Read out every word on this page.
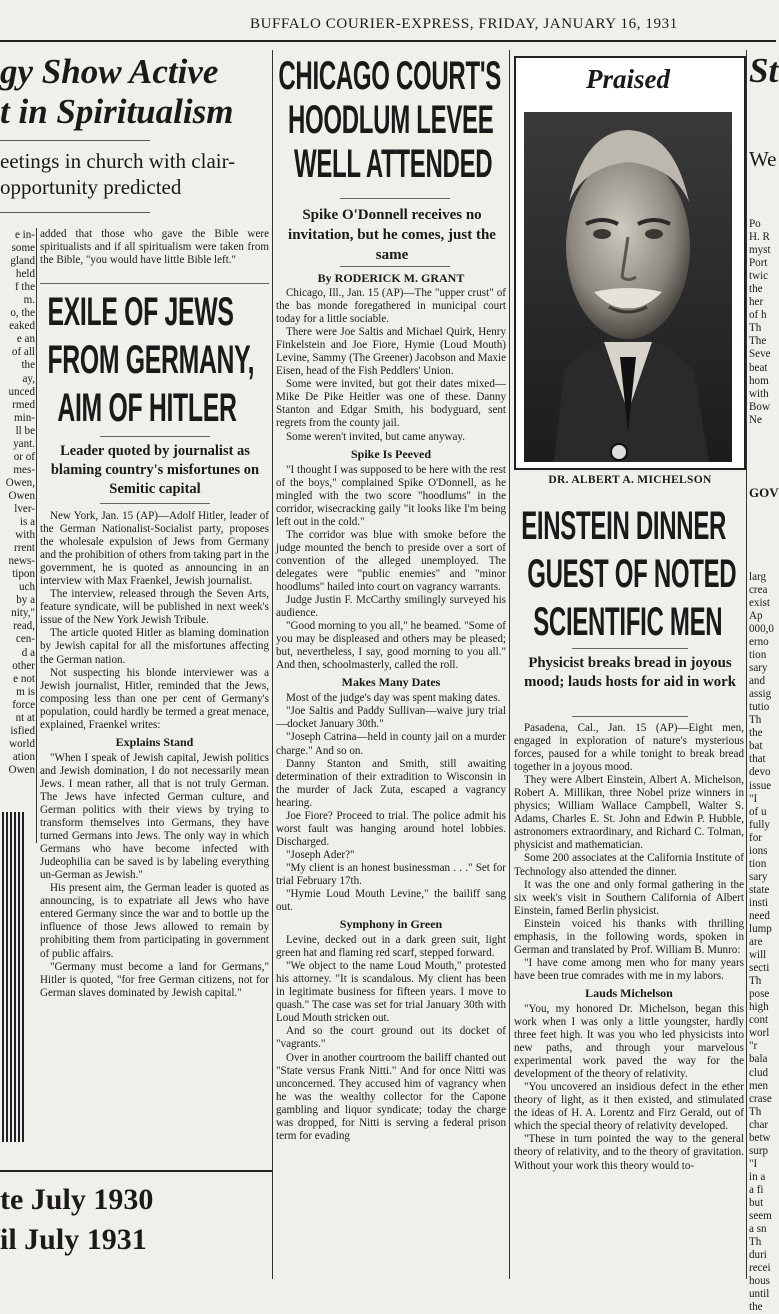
BUFFALO COURIER-EXPRESS, FRIDAY, JANUARY 16, 1931
gy Show Active
t in Spiritualism
eetings in church with clair-
opportunity predicted
e in-
some
gland
held
f the
m.
o, the
eaked
e an
of all
the
ay,
unced
rmed
min-
ll be
yant.
or of
mes-
Owen,
Owen
lver-
is a
with
rrent
news-
tipon
uch
by a
nity,"
read,
cen-
d a
other
e not
m is
force
nt at
isfied
world
ation
Owen

added that those who gave the Bible were spiritualists and if all spiritualism were taken from the Bible, "you would have little Bible left."

EXILE OF JEWS
FROM GERMANY,
AIM OF HITLER
Leader quoted by journalist as blaming country's misfortunes on Semitic capital

New York, Jan. 15 (AP)—Adolf Hitler, leader of the German Nationalist-Socialist party, proposes the wholesale expulsion of Jews from Germany and the prohibition of others from taking part in the government, he is quoted as announcing in an interview with Max Fraenkel, Jewish journalist.

The interview, released through the Seven Arts, feature syndicate, will be published in next week's issue of the New York Jewish Tribule.

The article quoted Hitler as blaming domination by Jewish capital for all the misfortunes affecting the German nation.

Not suspecting his blonde interviewer was a Jewish journalist, Hitler, reminded that the Jews, composing less than one per cent of Germany's population, could hardly be termed a great menace, explained, Fraenkel writes:

Explains Stand

"When I speak of Jewish capital, Jewish politics and Jewish domination, I do not necessarily mean Jews. I mean rather, all that is not truly German. The Jews have infected German culture, and German politics with their views by trying to transform themselves into Germans, they have turned Germans into Jews. The only way in which Germans who have become infected with Judeophilia can be saved is by labeling everything un-German as Jewish."

His present aim, the German leader is quoted as announcing, is to expatriate all Jews who have entered Germany since the war and to bottle up the influence of those Jews allowed to remain by prohibiting them from participating in government of public affairs.

"Germany must become a land for Germans," Hitler is quoted, "for free German citizens, not for German slaves dominated by Jewish capital."

te July 1930
il July 1931
CHICAGO COURT'S
HOODLUM LEVEE
WELL ATTENDED
Spike O'Donnell receives no invitation, but he comes, just the same
By RODERICK M. GRANT

Chicago, Ill., Jan. 15 (AP)—The "upper crust" of the bas monde foregathered in municipal court today for a little sociable.

There were Joe Saltis and Michael Quirk, Henry Finkelstein and Joe Fiore, Hymie (Loud Mouth) Levine, Sammy (The Greener) Jacobson and Maxie Eisen, head of the Fish Peddlers' Union.

Some were invited, but got their dates mixed—Mike De Pike Heitler was one of these. Danny Stanton and Edgar Smith, his bodyguard, sent regrets from the county jail.

Some weren't invited, but came anyway.

Spike Is Peeved

"I thought I was supposed to be here with the rest of the boys," complained Spike O'Donnell, as he mingled with the two score "hoodlums" in the corridor, wisecracking gaily "it looks like I'm being left out in the cold."

The corridor was blue with smoke before the judge mounted the bench to preside over a sort of convention of the alleged unemployed. The delegates were "public enemies" and "minor hoodlums" hailed into court on vagrancy warrants.

Judge Justin F. McCarthy smilingly surveyed his audience.

"Good morning to you all," he beamed. "Some of you may be displeased and others may be pleased; but, nevertheless, I say, good morning to you all." And then, schoolmasterly, called the roll.

Makes Many Dates

Most of the judge's day was spent making dates.

"Joe Saltis and Paddy Sullivan—waive jury trial—docket January 30th."

"Joseph Catrina—held in county jail on a murder charge." And so on.

Danny Stanton and Smith, still awaiting determination of their extradition to Wisconsin in the murder of Jack Zuta, escaped a vagrancy hearing.

Joe Fiore? Proceed to trial. The police admit his worst fault was hanging around hotel lobbies. Discharged.

"Joseph Ader?"

"My client is an honest businessman . . ." Set for trial February 17th.

"Hymie Loud Mouth Levine," the bailiff sang out.

Symphony in Green

Levine, decked out in a dark green suit, light green hat and flaming red scarf, stepped forward.

"We object to the name Loud Mouth," protested his attorney. "It is scandalous. My client has been in legitimate business for fifteen years. I move to quash." The case was set for trial January 30th with Loud Mouth stricken out.

And so the court ground out its docket of "vagrants."

Over in another courtroom the bailiff chanted out "State versus Frank Nitti." And for once Nitti was unconcerned. They accused him of vagrancy when he was the wealthy collector for the Capone gambling and liquor syndicate; today the charge was dropped, for Nitti is serving a federal prison term for evading

Praised
DR. ALBERT A. MICHELSON
EINSTEIN DINNER
GUEST OF NOTED
SCIENTIFIC MEN
Physicist breaks bread in joyous mood; lauds hosts for aid in work

Pasadena, Cal., Jan. 15 (AP)—Eight men, engaged in exploration of nature's mysterious forces, paused for a while tonight to break bread together in a joyous mood.

They were Albert Einstein, Albert A. Michelson, Robert A. Millikan, three Nobel prize winners in physics; William Wallace Campbell, Walter S. Adams, Charles E. St. John and Edwin P. Hubble, astronomers extraordinary, and Richard C. Tolman, physicist and mathematician.

Some 200 associates at the California Institute of Technology also attended the dinner.

It was the one and only formal gathering in the six week's visit in Southern California of Albert Einstein, famed Berlin physicist.

Einstein voiced his thanks with thrilling emphasis, in the following words, spoken in German and translated by Prof. William B. Munro:

"I have come among men who for many years have been true comrades with me in my labors.

Lauds Michelson

"You, my honored Dr. Michelson, began this work when I was only a little youngster, hardly three feet high. It was you who led physicists into new paths, and through your marvelous experimental work paved the way for the development of the theory of relativity.

"You uncovered an insidious defect in the ether theory of light, as it then existed, and stimulated the ideas of H. A. Lorentz and Firz Gerald, out of which the special theory of relativity developed.

"These in turn pointed the way to the general theory of relativity, and to the theory of gravitation. Without your work this theory would to-

St
We
Po
H. R
myst
Port
twic
the
her
of h
Th
The
Seve
beat
hom
with
Bow
Ne
GOV
larg
crea
exist
Ap
000,0
erno
tion
sary
and
assig
tutio
Th
the
bat
that
devo
issue
"I
of u
fully
for
ions
tion
sary
state
insti
need
lump
are
will
secti
Th
pose
high
cont
worl
"r
bala
clud
men
crase
Th
char
betw
surp
"I
in a
a fi
but
seem
a sn
Th
duri
recei
hous
until
the
